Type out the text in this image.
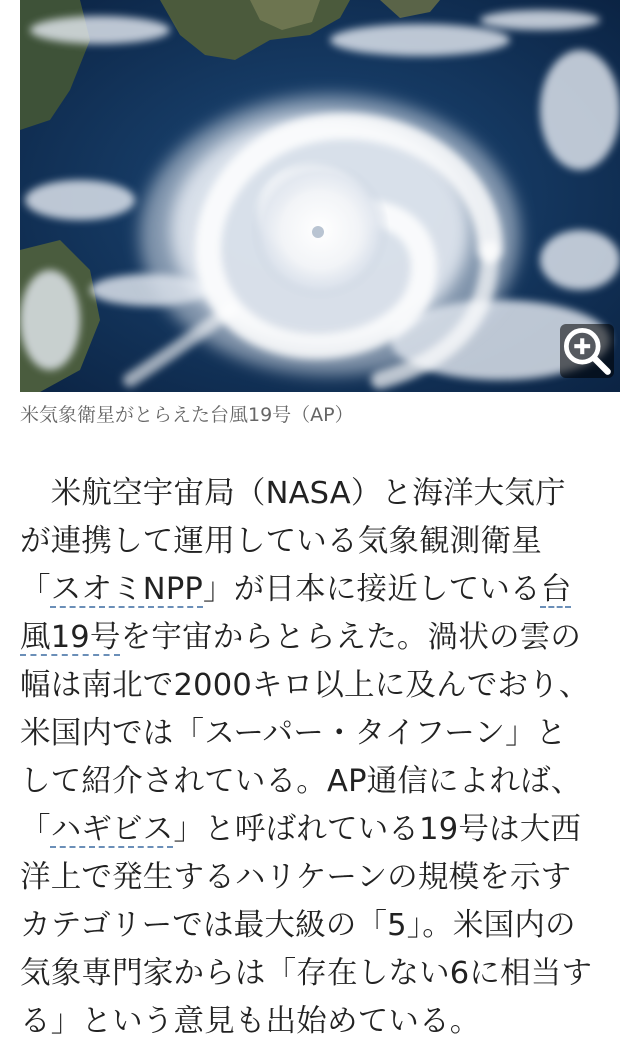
米気象衛星がとらえた台風19号（AP）
　米航空宇宙局（NASA）と海洋大気庁
が連携して運用している気象観測衛星
「スオミNPP」が日本に接近している台
風19号を宇宙からとらえた。渦状の雲の
幅は南北で2000キロ以上に及んでおり、
米国内では「スーパー・タイフーン」と
して紹介されている。AP通信によれば、
「ハギビス」と呼ばれている19号は大西
洋上で発生するハリケーンの規模を示す
カテゴリーでは最大級の「5」。米国内の
気象専門家からは「存在しない6に相当す
る」という意見も出始めている。
